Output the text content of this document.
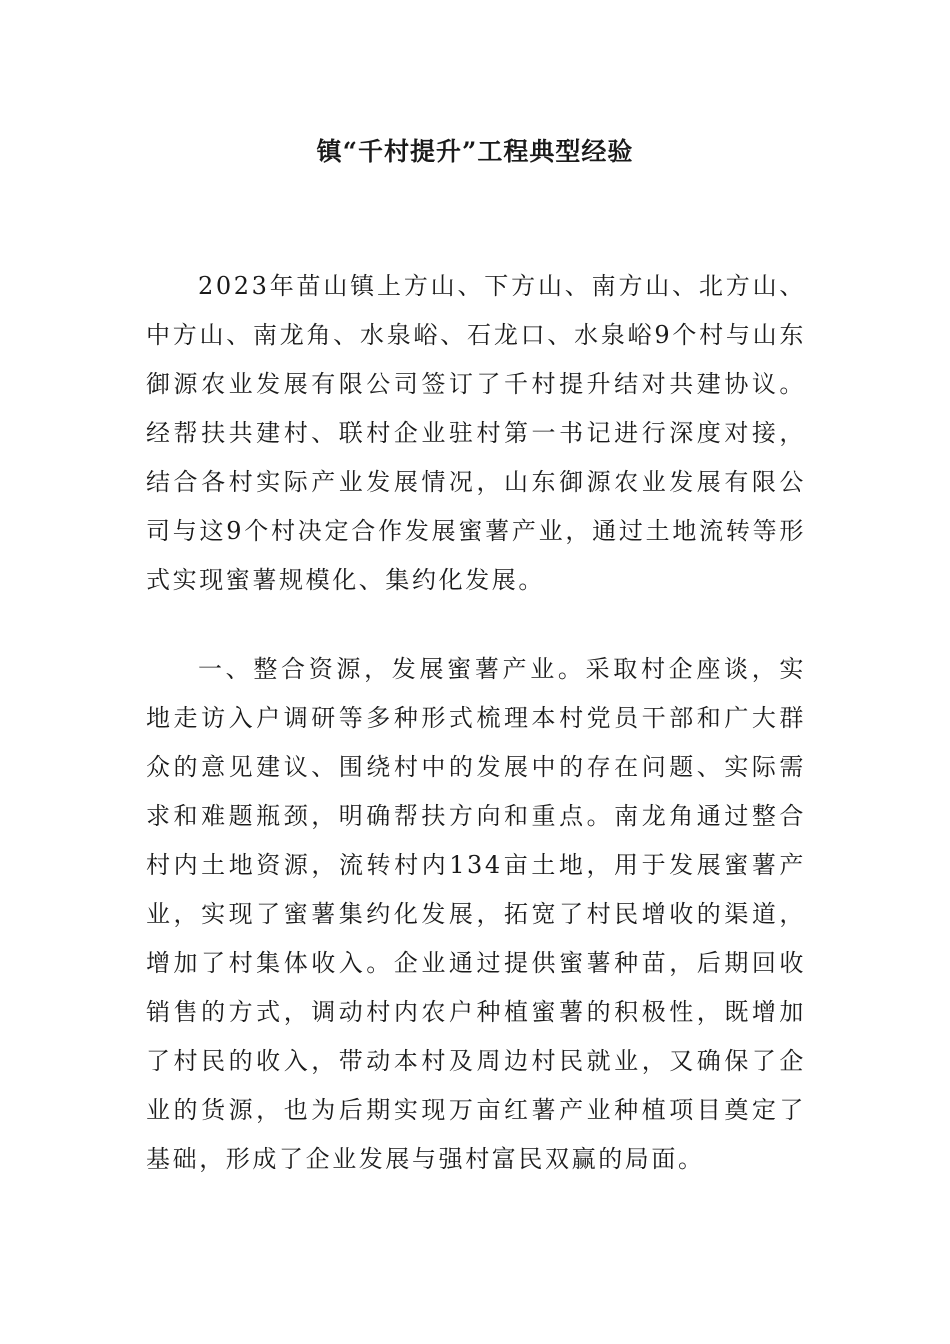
镇“千村提升”工程典型经验

2023年苗山镇上方山、下方山、南方山、北方山、中方山、南龙角、水泉峪、石龙口、水泉峪9个村与山东御源农业发展有限公司签订了千村提升结对共建协议。经帮扶共建村、联村企业驻村第一书记进行深度对接，结合各村实际产业发展情况，山东御源农业发展有限公司与这9个村决定合作发展蜜薯产业，通过土地流转等形式实现蜜薯规模化、集约化发展。

一、整合资源，发展蜜薯产业。采取村企座谈，实地走访入户调研等多种形式梳理本村党员干部和广大群众的意见建议、围绕村中的发展中的存在问题、实际需求和难题瓶颈，明确帮扶方向和重点。南龙角通过整合村内土地资源，流转村内134亩土地，用于发展蜜薯产业，实现了蜜薯集约化发展，拓宽了村民增收的渠道，增加了村集体收入。企业通过提供蜜薯种苗，后期回收销售的方式，调动村内农户种植蜜薯的积极性，既增加了村民的收入，带动本村及周边村民就业，又确保了企业的货源，也为后期实现万亩红薯产业种植项目奠定了基础，形成了企业发展与强村富民双赢的局面。
